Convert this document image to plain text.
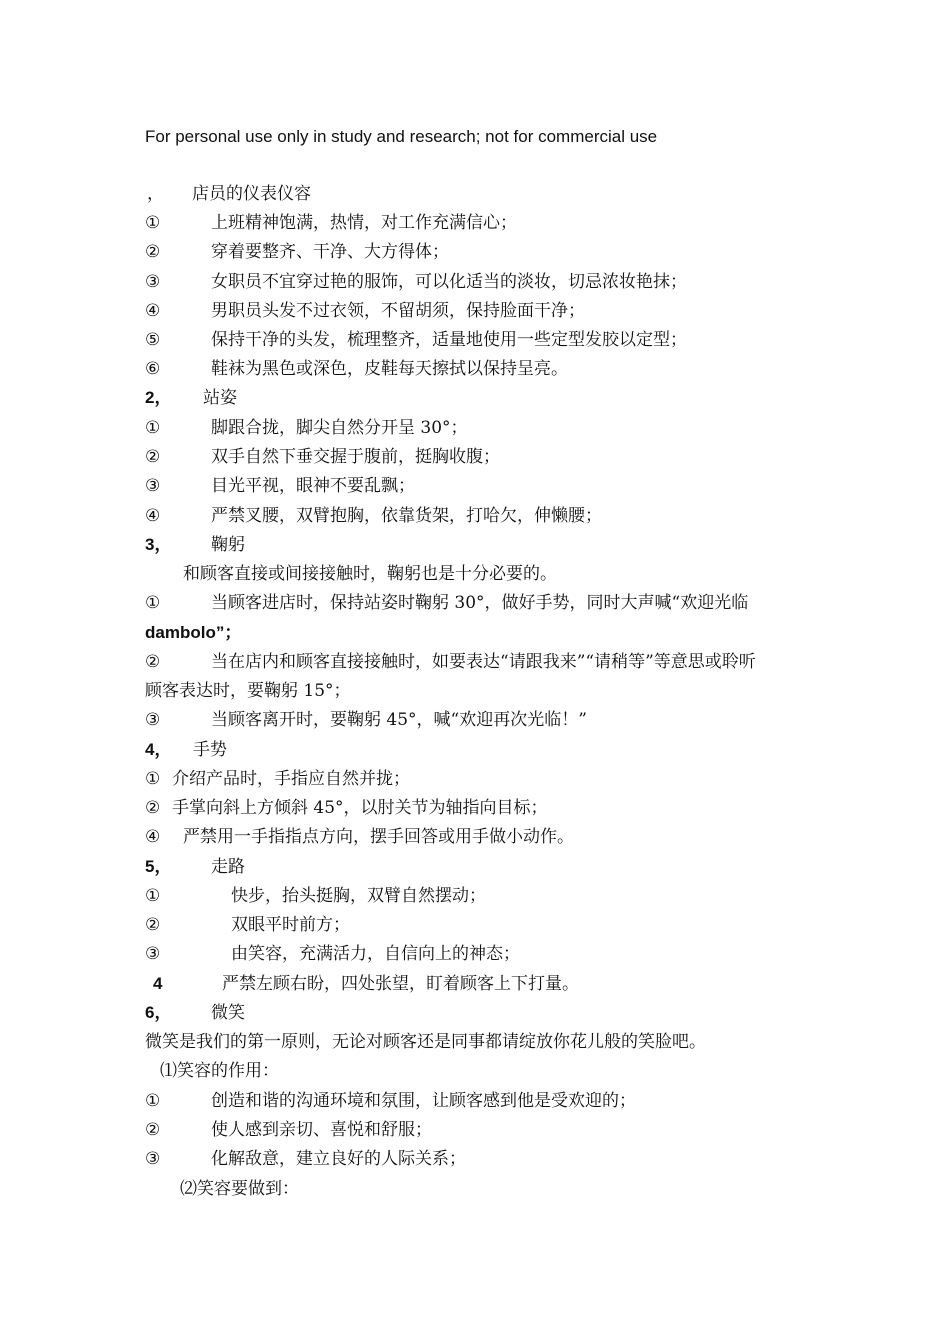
For personal use only in study and research; not for commercial use
， 店员的仪表仪容
①	上班精神饱满，热情，对工作充满信心；
②	穿着要整齐、干净、大方得体；
③	女职员不宜穿过艳的服饰，可以化适当的淡妆，切忌浓妆艳抹；
④	男职员头发不过衣领，不留胡须，保持脸面干净；
⑤	保持干净的头发，梳理整齐，适量地使用一些定型发胶以定型；
⑥	鞋袜为黑色或深色，皮鞋每天擦拭以保持呈亮。
2， 站姿
①	脚跟合拢，脚尖自然分开呈 30°；
②	双手自然下垂交握于腹前，挺胸收腹；
③	目光平视，眼神不要乱飘；
④	严禁叉腰，双臂抱胸，依靠货架，打哈欠，伸懒腰；
3， 鞠躬
和顾客直接或间接接触时，鞠躬也是十分必要的。
①	当顾客进店时，保持站姿时鞠躬 30°，做好手势，同时大声喊“欢迎光临
dambolo”；
②	当在店内和顾客直接接触时，如要表达“请跟我来”“请稍等”等意思或聆听
顾客表达时，要鞠躬 15°；
③	当顾客离开时，要鞠躬 45°，喊“欢迎再次光临！”
4， 手势
① 介绍产品时，手指应自然并拢；
② 手掌向斜上方倾斜 45°，以肘关节为轴指向目标；
④ 严禁用一手指指点方向，摆手回答或用手做小动作。
5， 走路
①	快步，抬头挺胸，双臂自然摆动；
②	双眼平时前方；
③	由笑容，充满活力，自信向上的神态；
4	严禁左顾右盼，四处张望，盯着顾客上下打量。
6， 微笑
微笑是我们的第一原则，无论对顾客还是同事都请绽放你花儿般的笑脸吧。
⑴笑容的作用：
①	创造和谐的沟通环境和氛围，让顾客感到他是受欢迎的；
②	使人感到亲切、喜悦和舒服；
③	化解敌意，建立良好的人际关系；
⑵笑容要做到：
